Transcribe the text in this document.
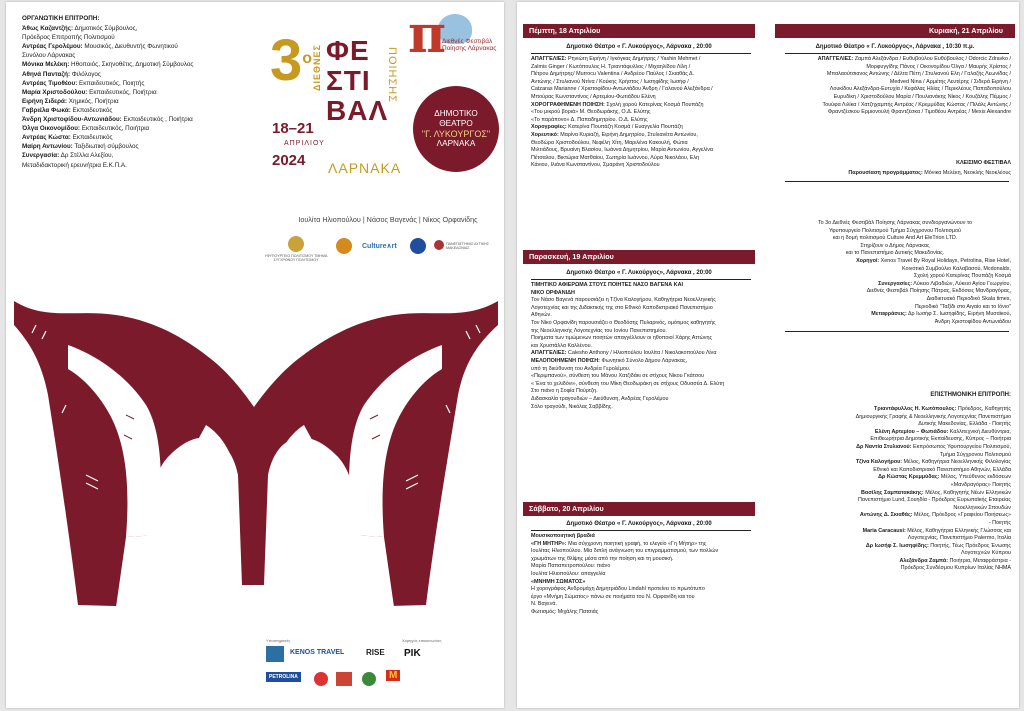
ΟΡΓΑΝΩΤΙΚΗ ΕΠΙΤΡΟΠΗ:
Άθως Καζαντζής: Δημοτικός Σύμβουλος,
Πρόεδρος Επιτροπής Πολιτισμού
Αντρέας Γερολέμου: Μουσικός, Διευθυντής Φωνητικού
Συνόλου Λάρνακας
Μόνικα Μελέκη: Ηθοποιός, Σκηνοθέτις, Δημοτική Σύμβουλος
Αθηνά Πανταζή: Φιλόλογος
Αντρέας Τιμοθέου: Εκπαιδευτικός, Ποιητής
Μαρία Χριστοδούλου: Εκπαιδευτικός, Ποιήτρια
Ειρήνη Σιδερά: Χημικός, Ποιήτρια
Γαβριέλα Φωκά: Εκπαιδευτικός
Άνδρη Χριστοφίδου-Αντωνιάδου: Εκπαιδευτικός , Ποιήτρια
Όλγα Οικονομίδου: Εκπαιδευτικός, Ποιήτρια
Αντρέας Κώστα: Εκπαιδευτικός
Μαίρη Αντωνίου: Ταξιδιωτική σύμβουλος
Συνεργασία: Δρ Στέλλα Αλεξίου,
Μεταδιδακτορική ερευνήτρια Ε.Κ.Π.Α.
$3^o$ ΔΙΕΘΝΕΣ ΦΕ
ΣΤΙ
ΒΑΛ
ΠΟΙΗΣΗΣ
18–21
ΑΠΡΙΛΙΟΥ
2024 ΛΑΡΝΑΚΑ
π
Διεθνές Φεστιβάλ Ποίησης Λάρνακας
ΔΗΜΟΤΙΚΟ
ΘΕΑΤΡΟ
"Γ. ΛΥΚΟΥΡΓΟΣ"
ΛΑΡΝΑΚΑ
Ιουλίτα Ηλιοπούλου | Νάσος Βαγενάς | Νίκος Ορφανίδης
ΥΦΥΠΟΥΡΓΕΙΟ ΠΟΛΙΤΙΣΜΟΥ ΤΜΗΜΑ ΣΥΓΧΡΟΝΟΥ ΠΟΛΙΤΙΣΜΟΥ
Culture∧rt	ΠΑΝΕΠΙΣΤΗΜΙΟ ΔΥΤΙΚΗΣ ΜΑΚΕΔΟΝΙΑΣ
Υποστηρικτές	Χορηγός επικοινωνίας
KENOS TRAVEL	RISE ΡΙΚ
PETROLINA	M
Πέμπτη, 18 Απριλίου
Δημοτικό Θέατρο « Γ. Λυκούργος», Λάρνακα , 20:00

ΑΠΑΓΓΕΛΙΕΣ: Ρηνιώτη Ειρήνη / Ιγκόγκας Δημήτρης / Yashin Mehmet /

Zalmis Ginger / Κωτόπουλος Η. Τριαντάφυλλος / Μιχαηλίδου Λίλη /

Πέτρου Δημήτρης/ Murrocu Valentina / Ανδρέου Παύλος / Σκιαθάς Δ.

Αντώνης / Στυλιανού Ντίνα / Κούκης Χρήστος / Ιωσηφίδης Ιωσήφ /

Catzaras Marianne / Χριστοφίδου-Αντωνιάδου Άνδρη / Γαλανού Αλεξάνδρα /

Μπούρας Κωνσταντίνος / Αρτεμίου-Φωτιάδου Ελένη

ΧΟΡΟΓΡΑΦΗΜΕΝΗ ΠΟΙΗΣΗ: Σχολή χορού Κατερίνας Κοσμά Πουπάζη

«Του μικρού βοριά» Μ. Θεοδωράκης, Ο.Δ. Ελύτης

«Το παράπονο» Δ. Παπαδημητρίου. Ο.Δ. Ελύτης

Χορογραφίες: Κατερίνα Πουπάζη Κοσμά / Ευαγγελία Πουπάζη

Χορευτικό: Μαρίνα Κυριαζή, Ειρήνη Δημητρίου, Στυλιανέτα Αντωνίου,

Θεοδώρα Χριστοδούλου, Νεφέλη Χίτη, Μαριλένα Κακουλή, Φώτια

Μιλτιάδους, Βρυαίνη Βλασίου, Ιωάννα Δημητρίου, Μαρία Αντωνίου, Αγγελίνα

Πέτσαλου, Βικτώρια Ματθαίου, Σωτηρία Ιωάννου, Λύρα Νικολάου, Ελη

Κάνιου, Ιλιάνα Κωνσταντίνου, Σμαράνη Χριστοδούλου

Παρασκευή, 19 Απριλίου
Δημοτικό Θέατρο « Γ. Λυκούργος», Λάρνακα , 20:00

ΤΙΜΗΤΙΚΟ ΑΦΙΕΡΩΜΑ ΣΤΟΥΣ ΠΟΙΗΤΕΣ ΝΑΣΟ ΒΑΓΕΝΑ ΚΑΙ

ΝΙΚΟ ΟΡΦΑΝΙΔΗ

Τον Νάσο Βαγενά παρουσιάζει η Τζίνα Καλογήρου, Καθηγήτρια Νεοελληνικής

Λογοτεχνίας και της Διδακτικής της στο Εθνικό Καποδιστριακό Πανεπιστήμιο

Αθηνών.

Τον Νίκο Ορφανίδη παρουσιάζει ο Θεοδόσης Πυλαρινός, ομότιμος καθηγητής

της Νεοελληνικής Λογοτεχνίας του Ιονίου Πανεπιστημίου.

Ποιήματα των τιμώμενων ποιητών απαγγέλλουν οι ηθοποιοί Χάρης Αττώνης

και Χρυστάλλα Καλλένου.

ΑΠΑΓΓΕΛΙΕΣ: Calesho Anthony / Ηλιοπούλου Ιουλίτα / Νικολακοπούλου Λίνα

ΜΕΛΟΠΟΙΗΜΕΝΗ ΠΟΙΗΣΗ: Φωνητικό Σύνολο Δήμου Λάρνακας,

υπό τη διεύθυνση του Ανδρέα Γερολέμου.

«Περιμπανού», σύνθεση του Μάνου Χατζιδάκι σε στίχους Νίκου Γκάτσου

« Ένα το χελιδόνι», σύνθεση του Μίκη Θεοδωράκη σε στίχους Οδυσσέα Δ. Ελύτη

Στο πιάνο η Σοφία Πούρτζη.

Διδασκαλία τραγουδιών – Διεύθυνση, Ανδρέας Γερολέμου

Σόλο τραγούδι, Νικόλας Σαββίδης.

Σάββατο, 20 Απριλίου
Δημοτικό Θέατρο « Γ. Λυκούργος», Λάρνακα , 20:00

Μουσικοποιητική βραδιά

«ΓΗ ΜΗΤΗΡ»: Μια σύγχρονη ποιητική γραφή, το ελεγείο «Γη Μήτηρ» της

Ιουλίτας Ηλιοπούλου. Μία διπλή ανάγνωση του επιγραμματισμού, των πολλών

χρωμάτων της θλίψης μέσα από την ποίηση και τη μουσική.

Μαρία Παπαπετροπούλου: πιάνο

Ιουλίτα Ηλιοπούλου: απαγγελία

«ΜΝΗΜΗ ΣΩΜΑΤΟΣ»

Η χορογράφος Ανδρομάχη Δημητριάδου Lindahl προτείνει το πρωτότυπο

έργο «Μνήμη Σώματος» πάνω σε ποιήματα του Ν. Ορφανίδη και του

Ν. Βαγενά.

Φωτισμός: Μιχάλης Πατσιάς

Κυριακή, 21 Απριλίου
Δημοτικό Θέατρο « Γ. Λυκούργος», Λάρνακα , 10:30 π.μ.

ΑΠΑΓΓΕΛΙΕΣ: Ζαμπά Αλεξάνδρα / Ευθυβούλου Ευθύβουλος / Odorcic Zdravko /

Μορφυγγίδης Πάνος / Οικονομίδου Όλγα / Μαυρής Χρίστος /

Μπαλαούτσιανος Αντώνης / Δέλτα Πέτη / Στυλιανού Ελη / Γαλαζής Λεωνίδας /

Medved Nina / Αρμέτης Λευτέρης / Σιδερά Ειρήνη /

Λουκίδου Αλεξάνδρα-Ευτυχία / Κεφάλας Ηλίας / Περικλέους Παπαδοπούλου

Ευρυδίκη / Χριστοδούλου Μαρία / Πουλιανάκης Νίκος / Κουζάλης Πέμμος /

Τουύφα Λιλίκα / Χατζηχαμπής Αντρέας / Κρεμμύδας Κώστας / Πιλάλς Αντώνης /

Φραντζέσκου Ερμιονουλή Φραντζέσκα / Τιμοθέου Αντρέας / Mexis Alexandre

ΚΛΕΙΣΙΜΟ ΦΕΣΤΙΒΑΛ
Παρουσίαση προγράμματος: Μόνικα Μελέκη, Νεοκλής Νεοκλέους

Το 3ο Διεθνές Φεστιβάλ Ποίησης Λάρνακας συνδιοργανώνουν το

Υφυπουργείο Πολιτισμού Τμήμα Σύγχρονου Πολιτισμού

και η δομή πολιτισμού Culture And Art EleTrion LTD.

Στηρίζουν ο Δήμος Λάρνακας

και το Πανεπιστήμιο Δυτικής Μακεδονίας.

Χορηγοί: Xenos Travel By Royal Holidays, Petrolina, Rise Hotel,

Κοινοτικό Συμβούλιο Καλαβασού, Mcdonalds,

Σχολή χορού Κατερίνας Πουπάζη Κοσμά

Συνεργασίες: Λύκειο Λιβαδιών, Λύκειο Αγίου Γεωργίου,

Διεθνές Φεστιβάλ Ποίησης Πάτρας, Εκδόσεις Μανδραγόρας,

Διαδικτυακό Περιοδικό Skala times,

Περιοδικό "Ταξίδι στο Αιγαίο και το Ιόνιο"

Μεταφράσεις: Δρ Ιωσήφ Σ. Ιωσηφίδης, Ειρήνη Μυσαϊκού,

Άνδρη Χριστοφίδου Αντωνιάδου

ΕΠΙΣΤΗΜΟΝΙΚΗ ΕΠΙΤΡΟΠΗ:

Τριαντάφυλλος Η. Κωτόπουλος: Πρόεδρος, Καθηγητής

Δημιουργικής Γραφής & Νεοελληνικής Λογοτεχνίας Πανεπιστήμιο

Δυτικής Μακεδονίας, Ελλάδα - Ποιητής

Ελένη Αρτεμίου – Φωτιάδου: Καλλιτεχνική Διευθύντρια,

Επιθεωρήτρια Δημοτικής Εκπαίδευσης, Κύπρος – Ποιήτρια

Δρ Ναντία Στυλιανού: Εκπρόσωπος Υφυπουργείου Πολιτισμού,

Τμήμα Σύγχρονου Πολιτισμού

Τζίνα Καλογήρου: Μέλος, Καθηγήτρια Νεοελληνικής Φιλολογίας

Εθνικό και Καποδιστριακό Πανεπιστήμιο Αθηνών, Ελλάδα

Δρ Κώστας Κρεμμύδας: Μέλος, Υπεύθυνος εκδόσεων

«Μανδραγόρας» Ποιητής

Βασίλης Σαμπατακάκης: Μέλος, Καθηγητής Νέων Ελληνικών

Πανεπιστήμιο Lund, Σουηδία - Πρόεδρος Ευρωπαϊκής Εταιρείας

Νεοελληνικών Σπουδών

Αντώνης Δ. Σκιαθάς: Μέλος, Πρόεδρος «Γραφείου Ποιήσεως»

- Ποιητής

Maria Caracausi: Μέλος, Καθηγήτρια Ελληνικής Γλώσσας και

Λογοτεχνίας, Πανεπιστήμιο Palermo, Ιταλία

Δρ Ιωσήφ Σ. Ιωσηφίδης: Ποιητής, Τέως Πρόεδρος Ένωσης

Λογοτεχνών Κύπρου

Αλεξάνδρα Ζαμπά: Ποιήτρια, Μεταφράστρια -

Πρόεδρος Συνδέσμου Κυπρίων Ιταλίας ΝΗΜΑ
